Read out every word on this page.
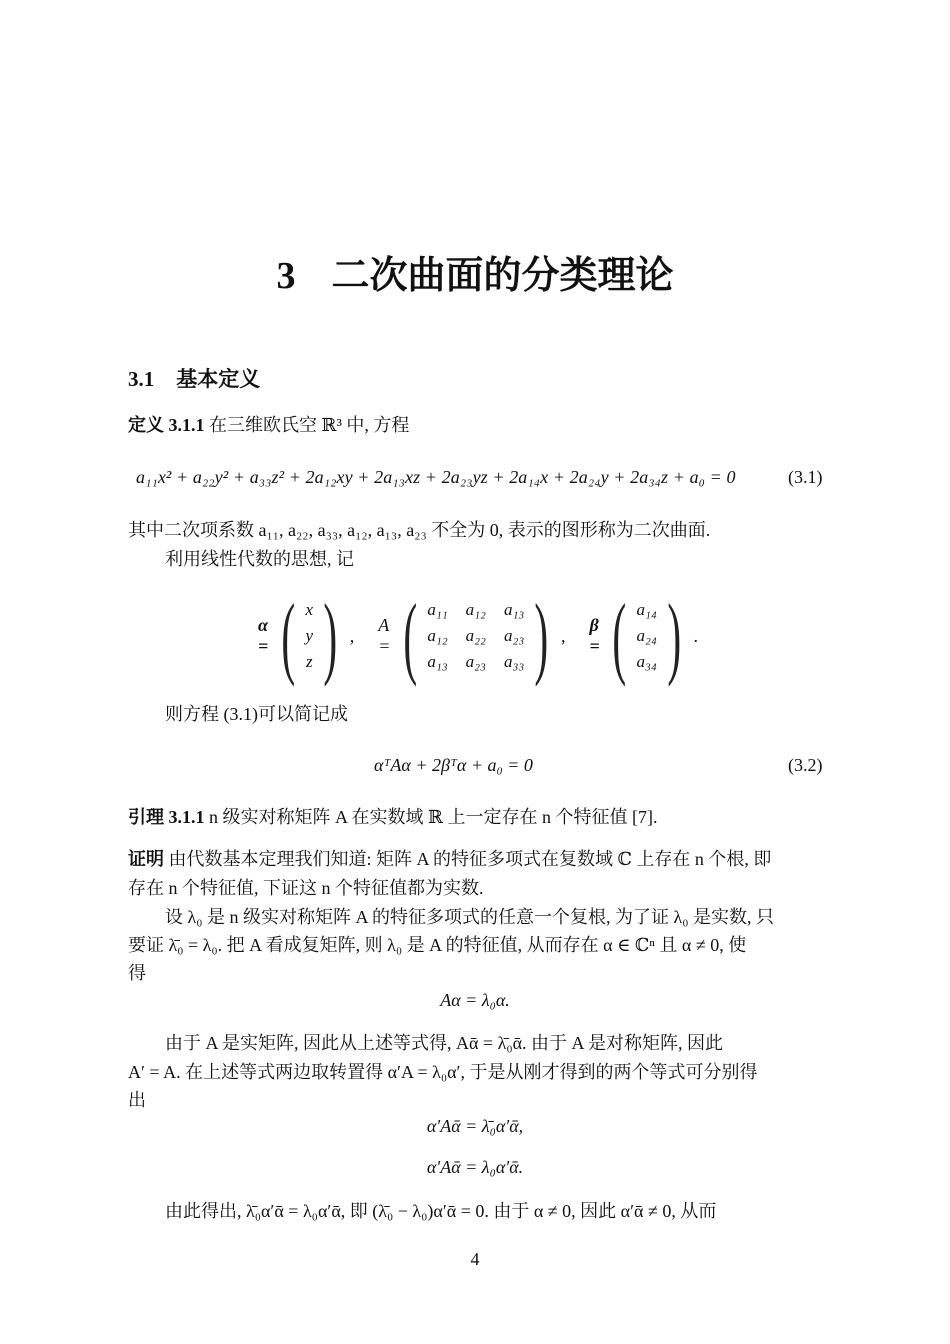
3 二次曲面的分类理论
3.1 基本定义
定义 3.1.1 在三维欧氏空 ℝ³ 中, 方程
a₁₁x² + a₂₂y² + a₃₃z² + 2a₁₂xy + 2a₁₃xz + 2a₂₃yz + 2a₁₄x + 2a₂₄y + 2a₃₄z + a₀ = 0	(3.1)
其中二次项系数 a₁₁, a₂₂, a₃₃, a₁₂, a₁₃, a₂₃ 不全为 0, 表示的图形称为二次曲面.
利用线性代数的思想, 记
α = ( x
y
z ) ,
A = ( a₁₁ a₁₂ a₁₃
a₁₂ a₂₂ a₂₃
a₁₃ a₂₃ a₃₃ ) ,
β = ( a₁₄
a₂₄
a₃₄ ) .
则方程 (3.1)可以简记成
αᵀAα + 2βᵀα + a₀ = 0	(3.2)
引理 3.1.1 n 级实对称矩阵 A 在实数域 ℝ 上一定存在 n 个特征值 [7].
证明 由代数基本定理我们知道: 矩阵 A 的特征多项式在复数域 ℂ 上存在 n 个根, 即
存在 n 个特征值, 下证这 n 个特征值都为实数.
设 λ₀ 是 n 级实对称矩阵 A 的特征多项式的任意一个复根, 为了证 λ₀ 是实数, 只
要证 λ̄₀ = λ₀. 把 A 看成复矩阵, 则 λ₀ 是 A 的特征值, 从而存在 α ∈ ℂⁿ 且 α ≠ 0, 使
得
Aα = λ₀α.
由于 A 是实矩阵, 因此从上述等式得, Aᾱ = λ̄₀ᾱ. 由于 A 是对称矩阵, 因此
A′ = A. 在上述等式两边取转置得 α′A = λ₀α′, 于是从刚才得到的两个等式可分别得
出
α′Aᾱ = λ̄₀α′ᾱ,
α′Aᾱ = λ₀α′ᾱ.
由此得出, λ̄₀α′ᾱ = λ₀α′ᾱ, 即 (λ̄₀ − λ₀)α′ᾱ = 0. 由于 α ≠ 0, 因此 α′ᾱ ≠ 0, 从而
4
